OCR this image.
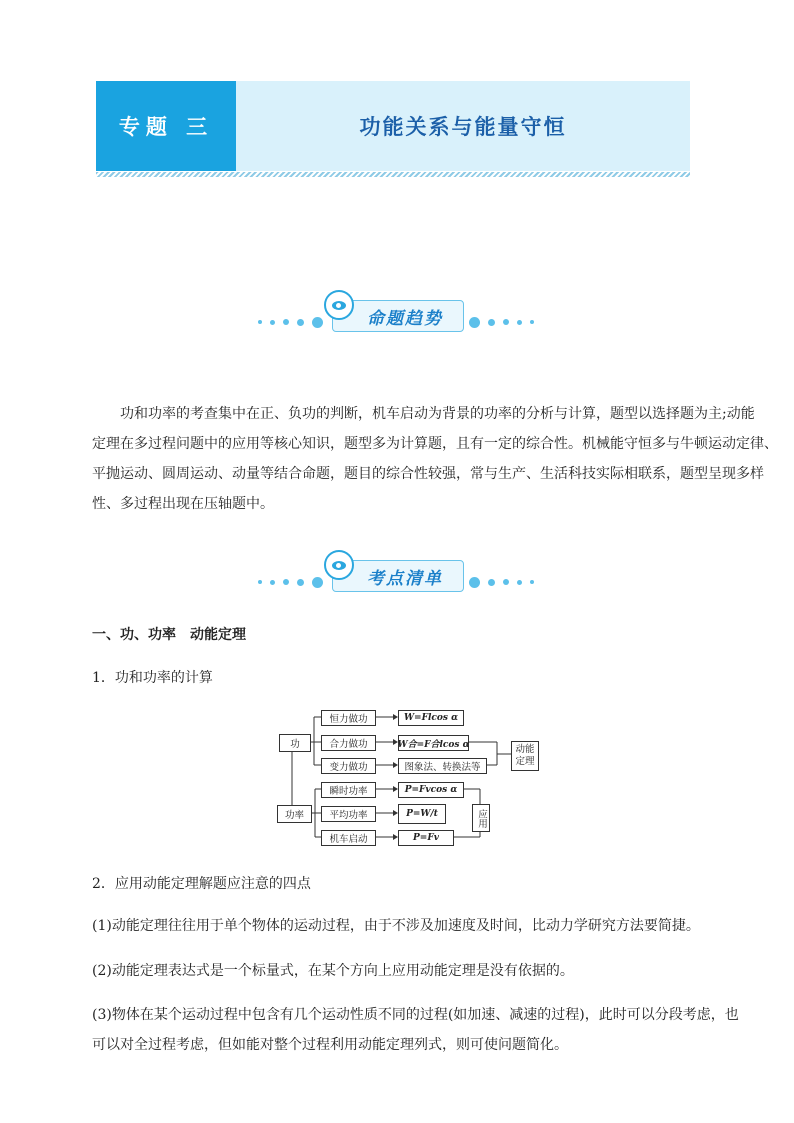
专题 三	功能关系与能量守恒
命题趋势
功和功率的考查集中在正、负功的判断，机车启动为背景的功率的分析与计算，题型以选择题为主;动能
定理在多过程问题中的应用等核心知识，题型多为计算题，且有一定的综合性。机械能守恒多与牛顿运动定律、
平抛运动、圆周运动、动量等结合命题，题目的综合性较强，常与生产、生活科技实际相联系，题型呈现多样
性、多过程出现在压轴题中。
考点清单
一、功、功率　动能定理
1．功和功率的计算
功
功率
恒力做功
合力做功
变力做功
W=Flcos α
W合=F合lcos α
图象法、转换法等
瞬时功率
平均功率
机车启动
P=Fvcos α
P=W/t
P=Fv
动能定理
应用
2．应用动能定理解题应注意的四点
(1)动能定理往往用于单个物体的运动过程，由于不涉及加速度及时间，比动力学研究方法要简捷。
(2)动能定理表达式是一个标量式，在某个方向上应用动能定理是没有依据的。
(3)物体在某个运动过程中包含有几个运动性质不同的过程(如加速、减速的过程)，此时可以分段考虑，也
可以对全过程考虑，但如能对整个过程利用动能定理列式，则可使问题简化。
